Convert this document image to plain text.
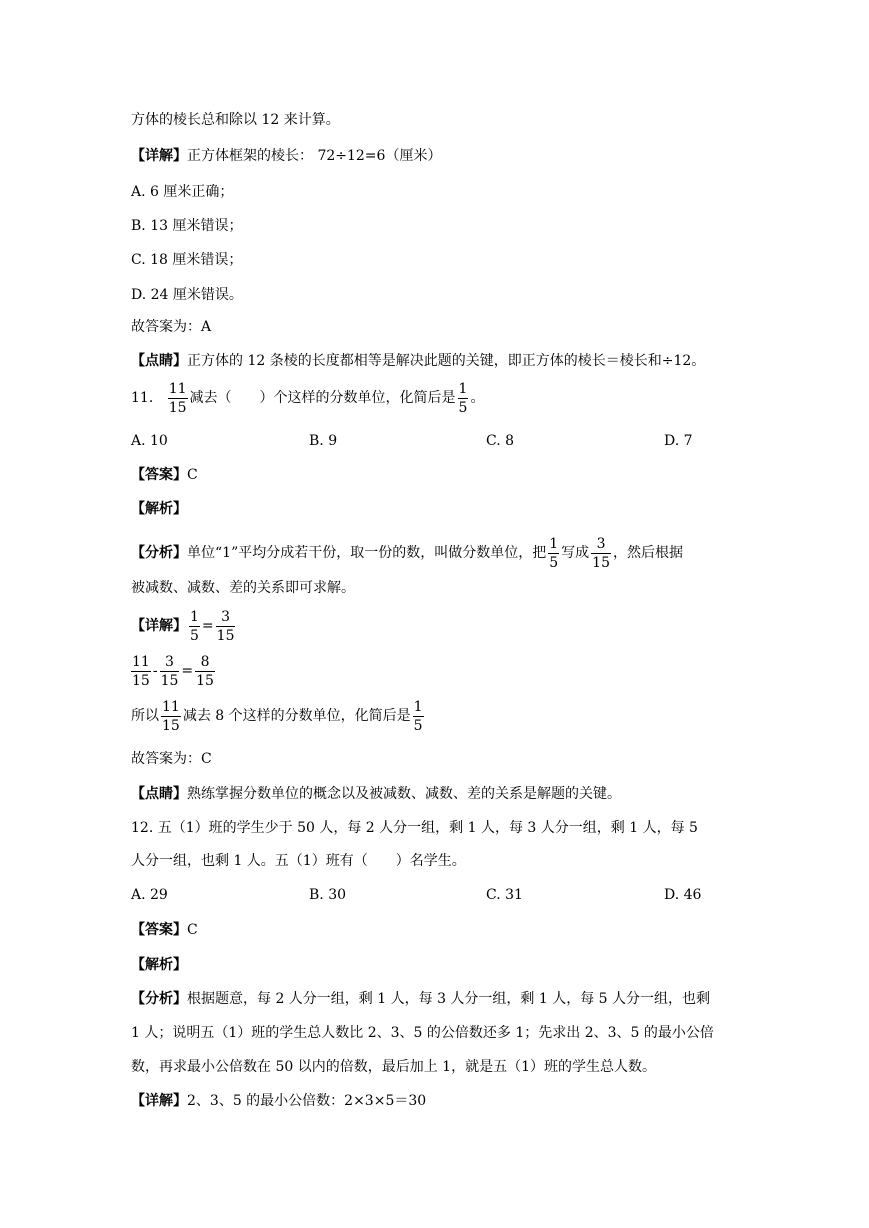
方体的棱长总和除以 12 来计算。
【详解】正方体框架的棱长： 72÷12=6（厘米）
A. 6 厘米正确；
B. 13 厘米错误；
C. 18 厘米错误；
D. 24 厘米错误。
故答案为：A
【点睛】正方体的 12 条棱的长度都相等是解决此题的关键，即正方体的棱长＝棱长和÷12。
11. $\frac{11}{15}$ 减去（　　）个这样的分数单位，化简后是 $\frac{1}{5}$ 。
A. 10	B. 9	C. 8	D. 7
【答案】C
【解析】
【分析】单位“1”平均分成若干份，取一份的数，叫做分数单位，把 $\frac{1}{5}$ 写成 $\frac{3}{15}$ ，然后根据
被减数、减数、差的关系即可求解。
【详解】 $\frac{1}{5} = \frac{3}{15}$
$\frac{11}{15} - \frac{3}{15} = \frac{8}{15}$
所以 $\frac{11}{15}$ 减去 8 个这样的分数单位，化简后是 $\frac{1}{5}$
故答案为：C
【点睛】熟练掌握分数单位的概念以及被减数、减数、差的关系是解题的关键。
12. 五（1）班的学生少于 50 人，每 2 人分一组，剩 1 人，每 3 人分一组，剩 1 人，每 5
人分一组，也剩 1 人。五（1）班有（　　）名学生。
A. 29	B. 30	C. 31	D. 46
【答案】C
【解析】
【分析】根据题意，每 2 人分一组，剩 1 人，每 3 人分一组，剩 1 人，每 5 人分一组，也剩
1 人；说明五（1）班的学生总人数比 2、3、5 的公倍数还多 1；先求出 2、3、5 的最小公倍
数，再求最小公倍数在 50 以内的倍数，最后加上 1，就是五（1）班的学生总人数。
【详解】2、3、5 的最小公倍数：2×3×5＝30
